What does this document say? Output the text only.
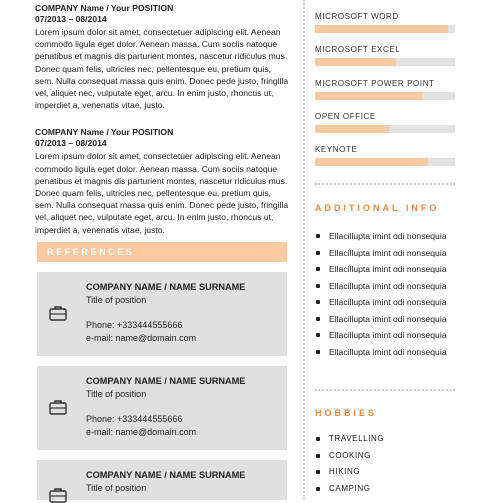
COMPANY Name / Your POSITION
07/2013 – 08/2014
Lorem ipsum dolor sit amet, consectetuer adipiscing elit. Aenean commodo ligula eget dolor. Aenean massa. Cum sociis natoque penatibus et magnis dis parturient montes, nascetur ridiculus mus. Donec quam felis, ultricies nec, pellentesque eu, pretium quis, sem. Nulla consequat massa quis enim. Donec pede justo, fringilla vel, aliquet nec, vulputate eget, arcu. In enim justo, rhoncus ut, imperdiet a, venenatis vitae, justo.
COMPANY Name / Your POSITION
07/2013 – 08/2014
Lorem ipsum dolor sit amet, consectetuer adipiscing elit. Aenean commodo ligula eget dolor. Aenean massa. Cum sociis natoque penatibus et magnis dis parturient montes, nascetur ridiculus mus. Donec quam felis, ultricies nec, pellentesque eu, pretium quis, sem. Nulla consequat massa quis enim. Donec pede justo, fringilla vel, aliquet nec, vulputate eget, arcu. In enim justo, rhoncus ut, imperdiet a, venenatis vitae, justo.
REFERENCES
COMPANY NAME / NAME SURNAME
Title of position
Phone: +333444555666
e-mail: name@domain.com
COMPANY NAME / NAME SURNAME
Title of position
Phone: +333444555666
e-mail: name@domain.com
COMPANY NAME / NAME SURNAME
Title of position
MICROSOFT WORD
MICROSOFT EXCEL
MICROSOFT POWER POINT
OPEN OFFICE
KEYNOTE
ADDITIONAL INFO
Ellacillupta imint odi nonsequia
Ellacillupta imint odi nonsequia
Ellacillupta imint odi nonsequia
Ellacillupta imint odi nonsequia
Ellacillupta imint odi nonsequia
Ellacillupta imint odi nonsequia
Ellacillupta imint odi nonsequia
Ellacillupta imint odi nonsequia
HOBBIES
TRAVELLING
COOKING
HIKING
CAMPING
